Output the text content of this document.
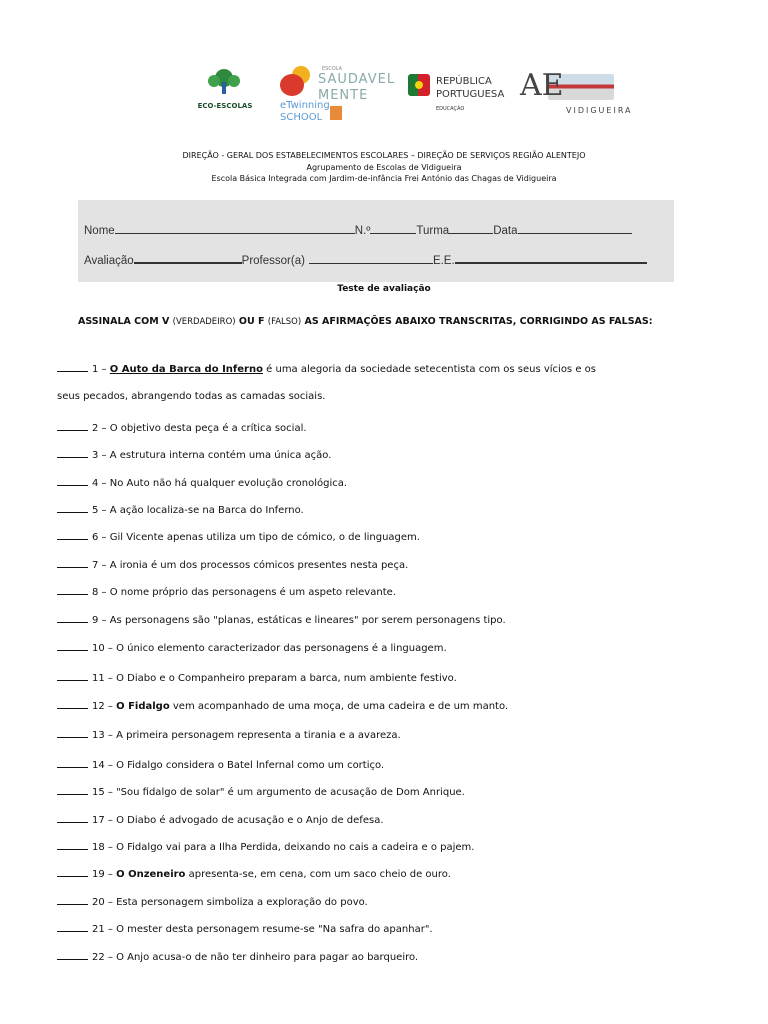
ECO-ESCOLAS	eTwinning
SCHOOL
ESCOLA
SAUDAVEL
MENTE
REPÚBLICA
PORTUGUESA
EDUCAÇÃO
AE
VIDIGUEIRA
DIREÇÃO - GERAL DOS ESTABELECIMENTOS ESCOLARES – DIREÇÃO DE SERVIÇOS REGIÃO ALENTEJO
Agrupamento de Escolas de Vidigueira
Escola Básica Integrada com Jardim-de-infância Frei António das Chagas de Vidigueira
Nome	N.º	Turma	Data
Avaliação	Professor(a)	E.E.
Teste de avaliação
ASSINALA COM V (VERDADEIRO) OU F (FALSO) AS AFIRMAÇÕES ABAIXO TRANSCRITAS, CORRIGINDO AS FALSAS:
1 – O Auto da Barca do Inferno é uma alegoria da sociedade setecentista com os seus vícios e os
seus pecados, abrangendo todas as camadas sociais.
2 – O objetivo desta peça é a crítica social.
3 – A estrutura interna contém uma única ação.
4 – No Auto não há qualquer evolução cronológica.
5 – A ação localiza-se na Barca do Inferno.
6 – Gil Vicente apenas utiliza um tipo de cómico, o de linguagem.
7 – A ironia é um dos processos cómicos presentes nesta peça.
8 – O nome próprio das personagens é um aspeto relevante.
9 – As personagens são "planas, estáticas e lineares" por serem personagens tipo.
10 – O único elemento caracterizador das personagens é a linguagem.
11 – O Diabo e o Companheiro preparam a barca, num ambiente festivo.
12 – O Fidalgo vem acompanhado de uma moça, de uma cadeira e de um manto.
13 – A primeira personagem representa a tirania e a avareza.
14 – O Fidalgo considera o Batel lnfernal como um cortiço.
15 – "Sou fidalgo de solar" é um argumento de acusação de Dom Anrique.
17 – O Diabo é advogado de acusação e o Anjo de defesa.
18 – O Fidalgo vai para a Ilha Perdida, deixando no cais a cadeira e o pajem.
19 – O Onzeneiro apresenta-se, em cena, com um saco cheio de ouro.
20 – Esta personagem simboliza a exploração do povo.
21 – O mester desta personagem resume-se "Na safra do apanhar".
22 – O Anjo acusa-o de não ter dinheiro para pagar ao barqueiro.
